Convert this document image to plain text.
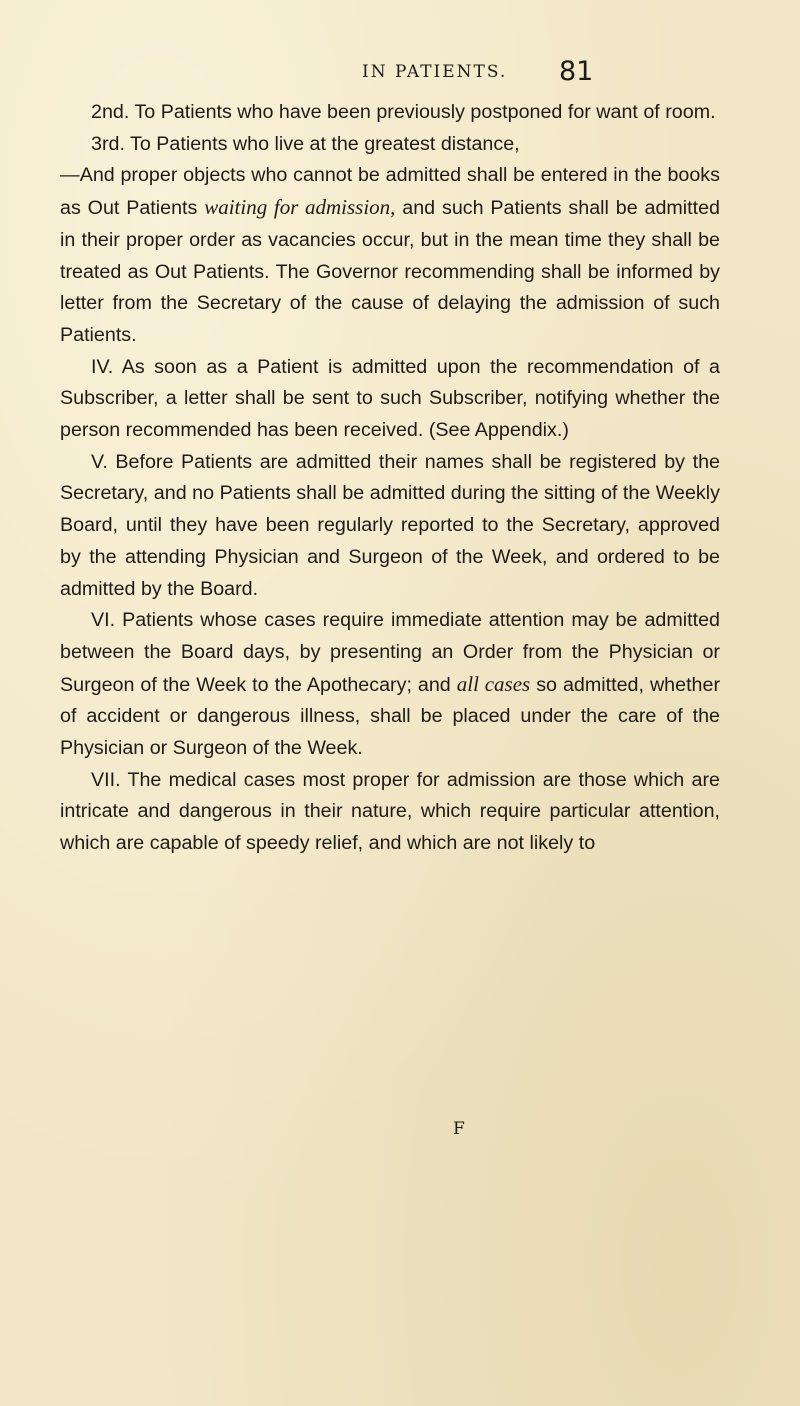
IN PATIENTS. 81

2nd. To Patients who have been previously postponed for want of room.

3rd. To Patients who live at the greatest distance,

—And proper objects who cannot be admitted shall be entered in the books as Out Patients waiting for admission, and such Patients shall be admitted in their proper order as vacancies occur, but in the mean time they shall be treated as Out Patients. The Governor recommending shall be informed by letter from the Secretary of the cause of delaying the admission of such Patients.

IV. As soon as a Patient is admitted upon the recommendation of a Subscriber, a letter shall be sent to such Subscriber, notifying whether the person recommended has been received. (See Appendix.)

V. Before Patients are admitted their names shall be registered by the Secretary, and no Patients shall be admitted during the sitting of the Weekly Board, until they have been regularly reported to the Secretary, approved by the attending Physician and Surgeon of the Week, and ordered to be admitted by the Board.

VI. Patients whose cases require immediate attention may be admitted between the Board days, by presenting an Order from the Physician or Surgeon of the Week to the Apothecary; and all cases so admitted, whether of accident or dangerous illness, shall be placed under the care of the Physician or Surgeon of the Week.

VII. The medical cases most proper for admission are those which are intricate and dangerous in their nature, which require particular attention, which are capable of speedy relief, and which are not likely to

F
